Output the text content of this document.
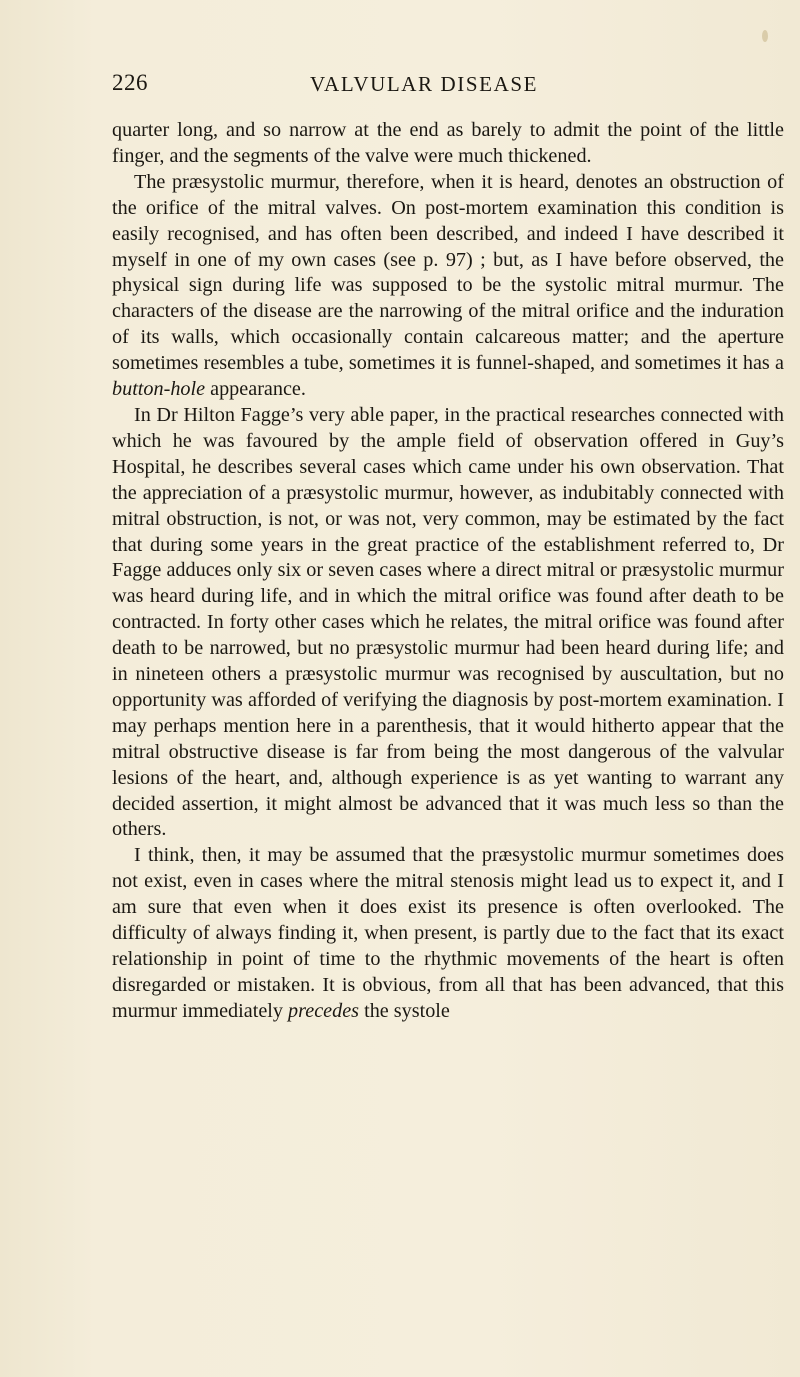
226	VALVULAR DISEASE

quarter long, and so narrow at the end as barely to admit the point of the little finger, and the segments of the valve were much thickened.

The præsystolic murmur, therefore, when it is heard, denotes an obstruction of the orifice of the mitral valves. On post-mortem examination this condition is easily recognised, and has often been described, and indeed I have described it myself in one of my own cases (see p. 97) ; but, as I have before observed, the physical sign during life was supposed to be the systolic mitral murmur. The characters of the disease are the narrowing of the mitral orifice and the induration of its walls, which occasionally contain calcareous matter; and the aperture sometimes resembles a tube, sometimes it is funnel-shaped, and sometimes it has a button-hole appearance.

In Dr Hilton Fagge’s very able paper, in the practical researches connected with which he was favoured by the ample field of observation offered in Guy’s Hospital, he describes several cases which came under his own observation. That the appreciation of a præsystolic murmur, however, as indubitably connected with mitral obstruction, is not, or was not, very common, may be estimated by the fact that during some years in the great practice of the establishment referred to, Dr Fagge adduces only six or seven cases where a direct mitral or præsystolic murmur was heard during life, and in which the mitral orifice was found after death to be contracted. In forty other cases which he relates, the mitral orifice was found after death to be narrowed, but no præsystolic murmur had been heard during life; and in nineteen others a præsystolic murmur was recognised by auscultation, but no opportunity was afforded of verifying the diagnosis by post-mortem examination. I may perhaps mention here in a parenthesis, that it would hitherto appear that the mitral obstructive disease is far from being the most dangerous of the valvular lesions of the heart, and, although experience is as yet wanting to warrant any decided assertion, it might almost be advanced that it was much less so than the others.

I think, then, it may be assumed that the præsystolic murmur sometimes does not exist, even in cases where the mitral stenosis might lead us to expect it, and I am sure that even when it does exist its presence is often overlooked. The difficulty of always finding it, when present, is partly due to the fact that its exact relationship in point of time to the rhythmic movements of the heart is often disregarded or mistaken. It is obvious, from all that has been advanced, that this murmur immediately precedes the systole
